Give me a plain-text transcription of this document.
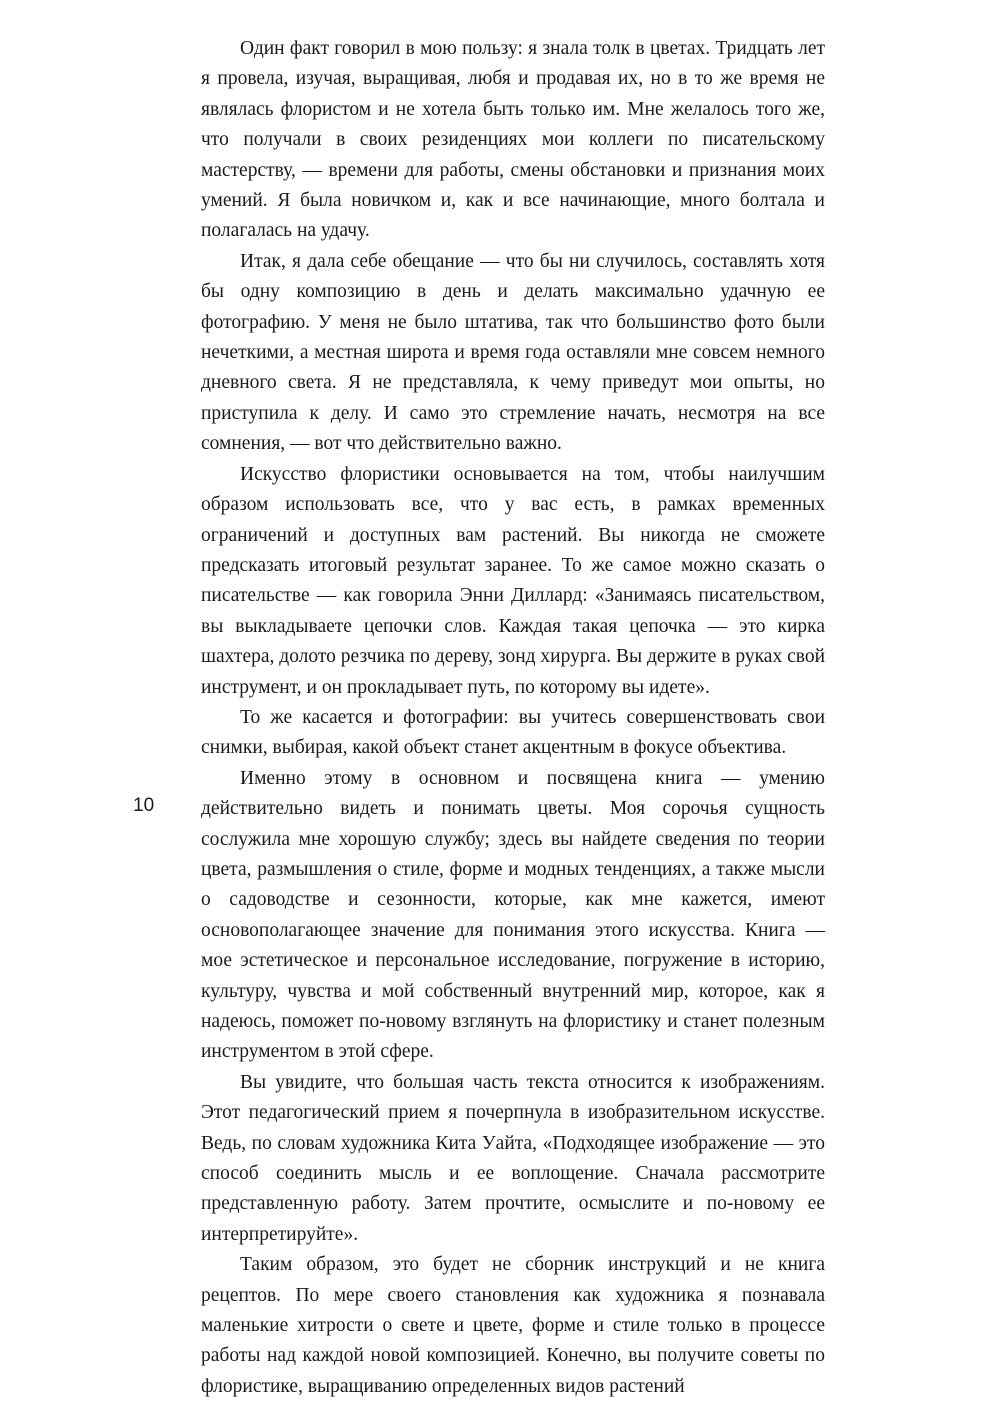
Один факт говорил в мою пользу: я знала толк в цветах. Тридцать лет я провела, изучая, выращивая, любя и продавая их, но в то же время не являлась флористом и не хотела быть только им. Мне желалось того же, что получали в своих резиденциях мои коллеги по писательскому мастерству, — времени для работы, смены обстановки и признания моих умений. Я была новичком и, как и все начинающие, много болтала и полагалась на удачу.

Итак, я дала себе обещание — что бы ни случилось, составлять хотя бы одну композицию в день и делать максимально удачную ее фотографию. У меня не было штатива, так что большинство фото были нечеткими, а местная широта и время года оставляли мне совсем немного дневного света. Я не представляла, к чему приведут мои опыты, но приступила к делу. И само это стремление начать, несмотря на все сомнения, — вот что действительно важно.

Искусство флористики основывается на том, чтобы наилучшим образом использовать все, что у вас есть, в рамках временных ограничений и доступных вам растений. Вы никогда не сможете предсказать итоговый результат заранее. То же самое можно сказать о писательстве — как говорила Энни Диллард: «Занимаясь писательством, вы выкладываете цепочки слов. Каждая такая цепочка — это кирка шахтера, долото резчика по дереву, зонд хирурга. Вы держите в руках свой инструмент, и он прокладывает путь, по которому вы идете».

То же касается и фотографии: вы учитесь совершенствовать свои снимки, выбирая, какой объект станет акцентным в фокусе объектива.

Именно этому в основном и посвящена книга — умению действительно видеть и понимать цветы. Моя сорочья сущность сослужила мне хорошую службу; здесь вы найдете сведения по теории цвета, размышления о стиле, форме и модных тенденциях, а также мысли о садоводстве и сезонности, которые, как мне кажется, имеют основополагающее значение для понимания этого искусства. Книга — мое эстетическое и персональное исследование, погружение в историю, культуру, чувства и мой собственный внутренний мир, которое, как я надеюсь, поможет по-новому взглянуть на флористику и станет полезным инструментом в этой сфере.

Вы увидите, что большая часть текста относится к изображениям. Этот педагогический прием я почерпнула в изобразительном искусстве. Ведь, по словам художника Кита Уайта, «Подходящее изображение — это способ соединить мысль и ее воплощение. Сначала рассмотрите представленную работу. Затем прочтите, осмыслите и по-новому ее интерпретируйте».

Таким образом, это будет не сборник инструкций и не книга рецептов. По мере своего становления как художника я познавала маленькие хитрости о свете и цвете, форме и стиле только в процессе работы над каждой новой композицией. Конечно, вы получите советы по флористике, выращиванию определенных видов растений

10
